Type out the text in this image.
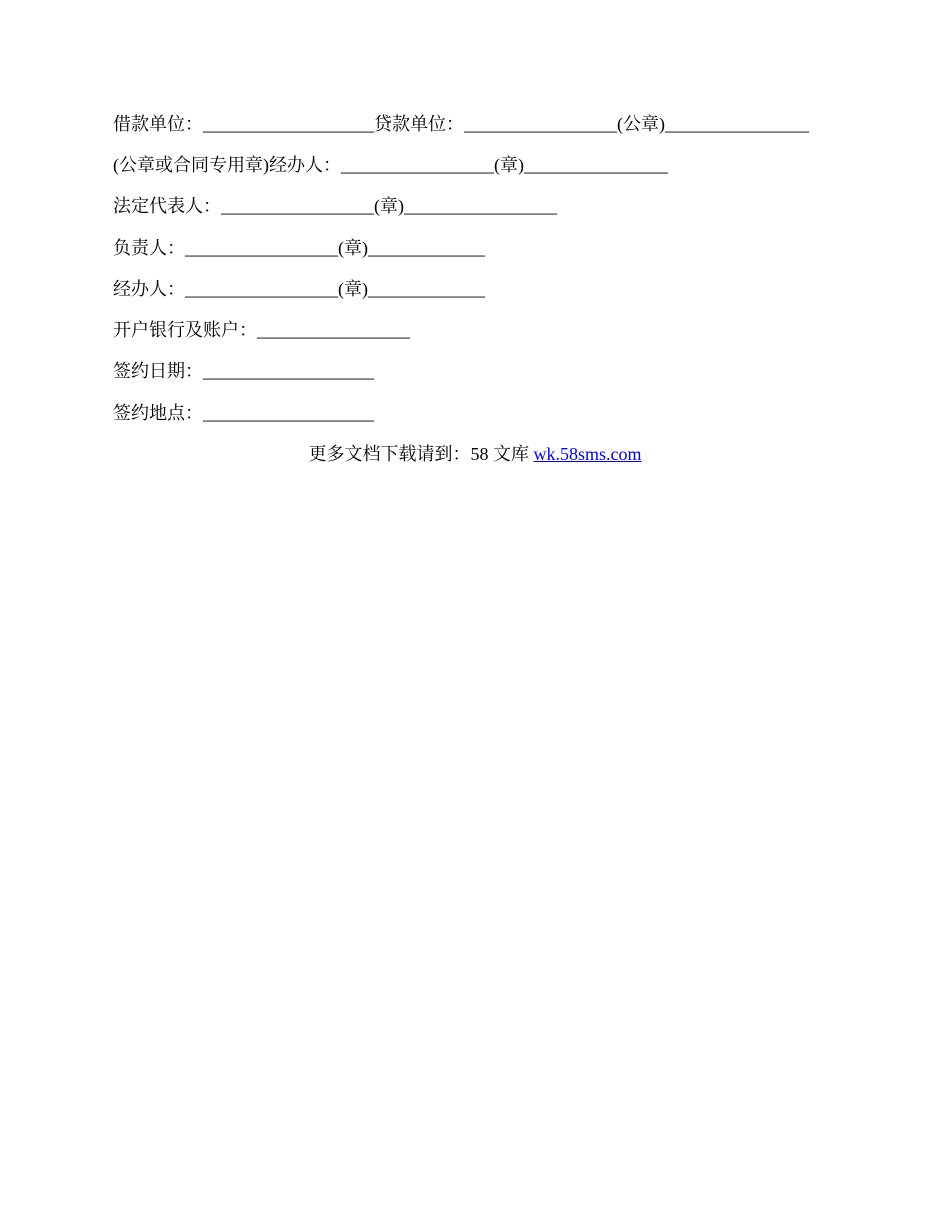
借款单位：___________________贷款单位：_________________(公章)________________
(公章或合同专用章)经办人：_________________(章)________________
法定代表人：_________________(章)_________________
负责人：_________________(章)_____________
经办人：_________________(章)_____________
开户银行及账户：_________________
签约日期：___________________
签约地点：___________________
更多文档下载请到：58 文库 wk.58sms.com
